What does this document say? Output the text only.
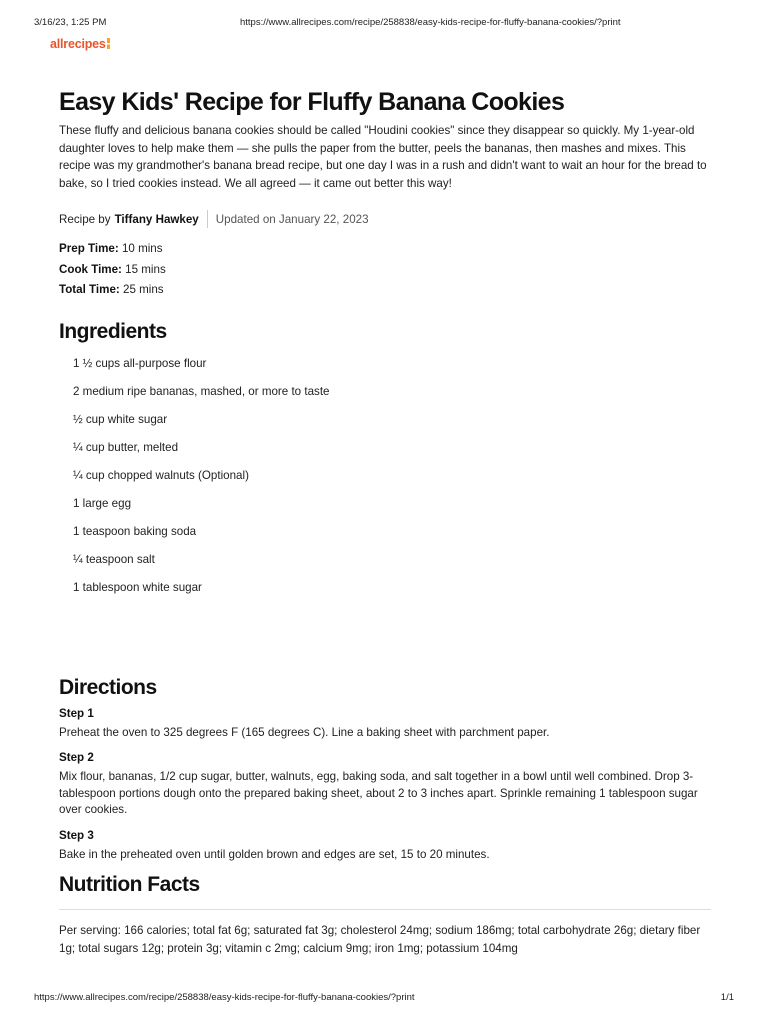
3/16/23, 1:25 PM	https://www.allrecipes.com/recipe/258838/easy-kids-recipe-for-fluffy-banana-cookies/?print
allrecipes
Easy Kids' Recipe for Fluffy Banana Cookies

These fluffy and delicious banana cookies should be called "Houdini cookies" since they disappear so quickly. My 1-year-old daughter loves to help make them — she pulls the paper from the butter, peels the bananas, then mashes and mixes. This recipe was my grandmother's banana bread recipe, but one day I was in a rush and didn't want to wait an hour for the bread to bake, so I tried cookies instead. We all agreed — it came out better this way!

Recipe by Tiffany Hawkey Updated on January 22, 2023
Prep Time: 10 mins
Cook Time: 15 mins
Total Time: 25 mins
Ingredients
1 ½ cups all-purpose flour
2 medium ripe bananas, mashed, or more to taste
½ cup white sugar
¼ cup butter, melted
¼ cup chopped walnuts (Optional)
1 large egg
1 teaspoon baking soda
¼ teaspoon salt
1 tablespoon white sugar
Directions
Step 1

Preheat the oven to 325 degrees F (165 degrees C). Line a baking sheet with parchment paper.

Step 2

Mix flour, bananas, 1/2 cup sugar, butter, walnuts, egg, baking soda, and salt together in a bowl until well combined. Drop 3-tablespoon portions dough onto the prepared baking sheet, about 2 to 3 inches apart. Sprinkle remaining 1 tablespoon sugar over cookies.

Step 3

Bake in the preheated oven until golden brown and edges are set, 15 to 20 minutes.

Nutrition Facts

Per serving: 166 calories; total fat 6g; saturated fat 3g; cholesterol 24mg; sodium 186mg; total carbohydrate 26g; dietary fiber 1g; total sugars 12g; protein 3g; vitamin c 2mg; calcium 9mg; iron 1mg; potassium 104mg

https://www.allrecipes.com/recipe/258838/easy-kids-recipe-for-fluffy-banana-cookies/?print	1/1
